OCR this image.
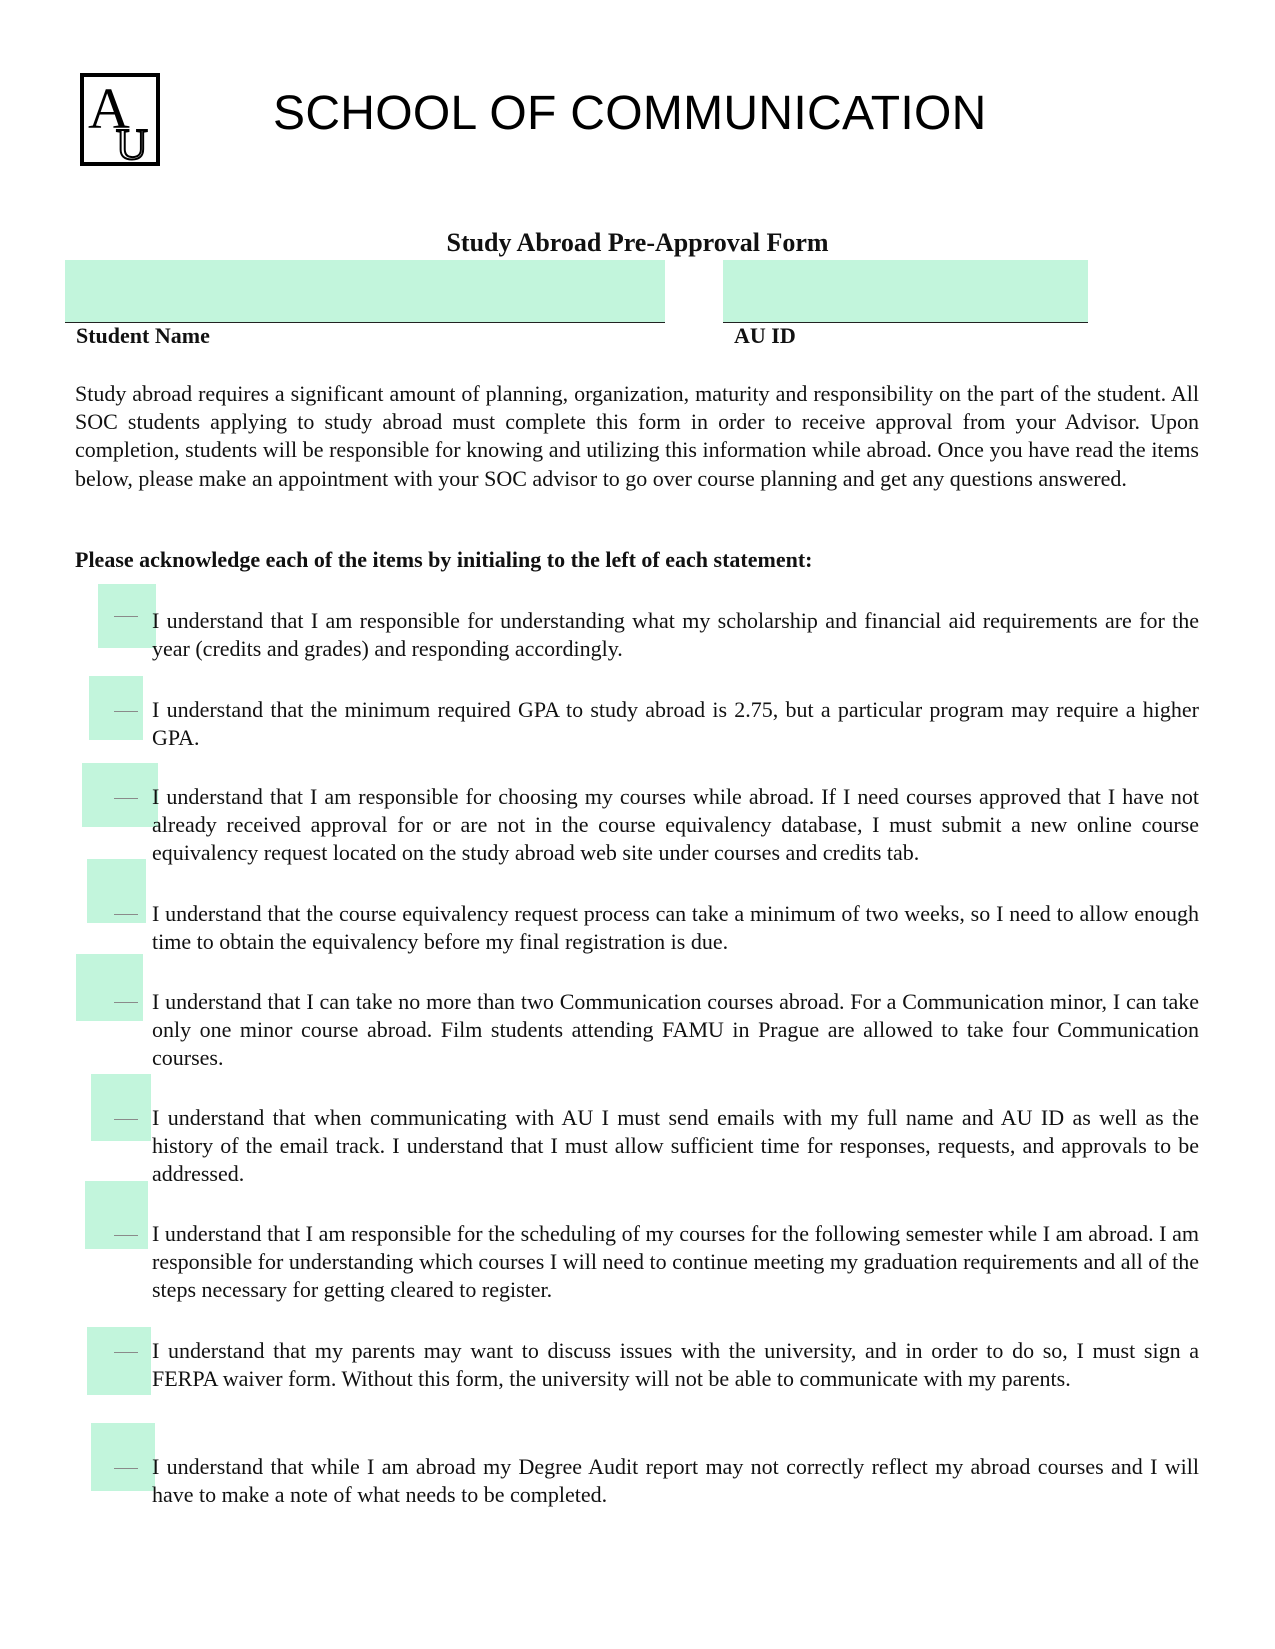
A
U
SCHOOL OF COMMUNICATION
Study Abroad Pre-Approval Form
Student Name	AU ID
Study abroad requires a significant amount of planning, organization, maturity and responsibility on the part of the student. All SOC students applying to study abroad must complete this form in order to receive approval from your Advisor. Upon completion, students will be responsible for knowing and utilizing this information while abroad. Once you have read the items below, please make an appointment with your SOC advisor to go over course planning and get any questions answered.
Please acknowledge each of the items by initialing to the left of each statement:
I understand that I am responsible for understanding what my scholarship and financial aid requirements are for the year (credits and grades) and responding accordingly.
I understand that the minimum required GPA to study abroad is 2.75, but a particular program may require a higher GPA.
I understand that I am responsible for choosing my courses while abroad. If I need courses approved that I have not already received approval for or are not in the course equivalency database, I must submit a new online course equivalency request located on the study abroad web site under courses and credits tab.
I understand that the course equivalency request process can take a minimum of two weeks, so I need to allow enough time to obtain the equivalency before my final registration is due.
I understand that I can take no more than two Communication courses abroad. For a Communication minor, I can take only one minor course abroad. Film students attending FAMU in Prague are allowed to take four Communication courses.
I understand that when communicating with AU I must send emails with my full name and AU ID as well as the history of the email track. I understand that I must allow sufficient time for responses, requests, and approvals to be addressed.
I understand that I am responsible for the scheduling of my courses for the following semester while I am abroad. I am responsible for understanding which courses I will need to continue meeting my graduation requirements and all of the steps necessary for getting cleared to register.
I understand that my parents may want to discuss issues with the university, and in order to do so, I must sign a FERPA waiver form. Without this form, the university will not be able to communicate with my parents.
I understand that while I am abroad my Degree Audit report may not correctly reflect my abroad courses and I will have to make a note of what needs to be completed.
